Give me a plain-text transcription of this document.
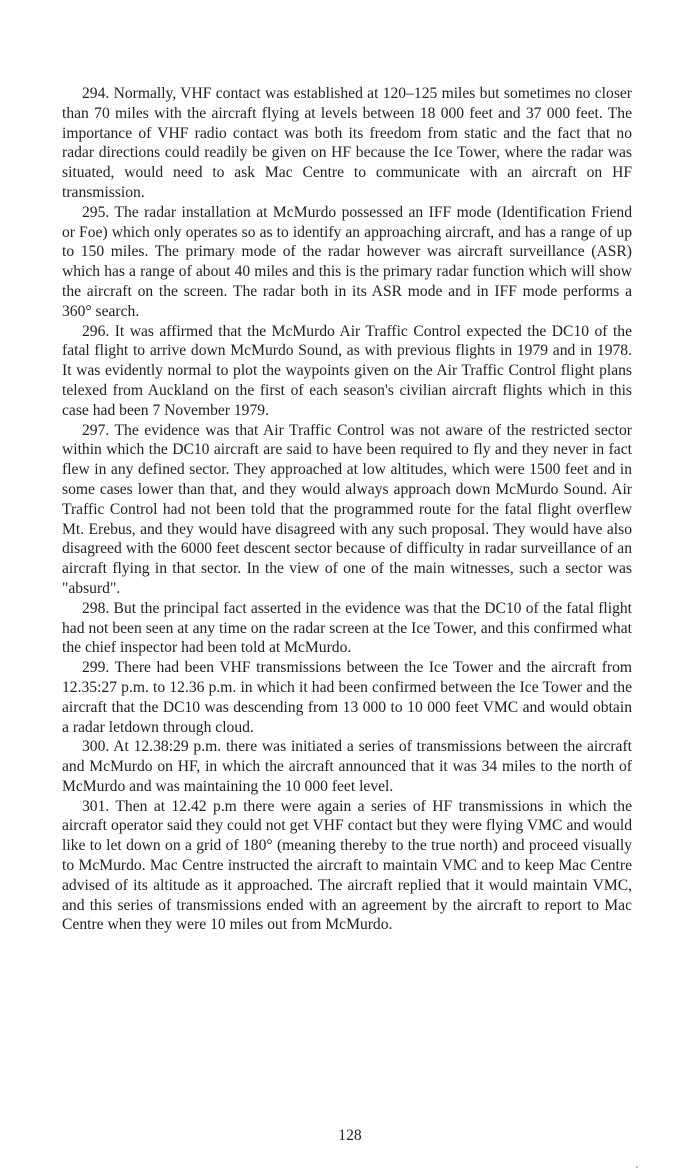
294. Normally, VHF contact was established at 120–125 miles but sometimes no closer than 70 miles with the aircraft flying at levels between 18 000 feet and 37 000 feet. The importance of VHF radio contact was both its freedom from static and the fact that no radar directions could readily be given on HF because the Ice Tower, where the radar was situated, would need to ask Mac Centre to communicate with an aircraft on HF transmission.

295. The radar installation at McMurdo possessed an IFF mode (Identification Friend or Foe) which only operates so as to identify an approaching aircraft, and has a range of up to 150 miles. The primary mode of the radar however was aircraft surveillance (ASR) which has a range of about 40 miles and this is the primary radar function which will show the aircraft on the screen. The radar both in its ASR mode and in IFF mode performs a 360° search.

296. It was affirmed that the McMurdo Air Traffic Control expected the DC10 of the fatal flight to arrive down McMurdo Sound, as with previous flights in 1979 and in 1978. It was evidently normal to plot the waypoints given on the Air Traffic Control flight plans telexed from Auckland on the first of each season's civilian aircraft flights which in this case had been 7 November 1979.

297. The evidence was that Air Traffic Control was not aware of the restricted sector within which the DC10 aircraft are said to have been required to fly and they never in fact flew in any defined sector. They approached at low altitudes, which were 1500 feet and in some cases lower than that, and they would always approach down McMurdo Sound. Air Traffic Control had not been told that the programmed route for the fatal flight overflew Mt. Erebus, and they would have disagreed with any such proposal. They would have also disagreed with the 6000 feet descent sector because of difficulty in radar surveillance of an aircraft flying in that sector. In the view of one of the main witnesses, such a sector was "absurd".

298. But the principal fact asserted in the evidence was that the DC10 of the fatal flight had not been seen at any time on the radar screen at the Ice Tower, and this confirmed what the chief inspector had been told at McMurdo.

299. There had been VHF transmissions between the Ice Tower and the aircraft from 12.35:27 p.m. to 12.36 p.m. in which it had been confirmed between the Ice Tower and the aircraft that the DC10 was descending from 13 000 to 10 000 feet VMC and would obtain a radar letdown through cloud.

300. At 12.38:29 p.m. there was initiated a series of transmissions between the aircraft and McMurdo on HF, in which the aircraft announced that it was 34 miles to the north of McMurdo and was maintaining the 10 000 feet level.

301. Then at 12.42 p.m there were again a series of HF transmissions in which the aircraft operator said they could not get VHF contact but they were flying VMC and would like to let down on a grid of 180° (meaning thereby to the true north) and proceed visually to McMurdo. Mac Centre instructed the aircraft to maintain VMC and to keep Mac Centre advised of its altitude as it approached. The aircraft replied that it would maintain VMC, and this series of transmissions ended with an agreement by the aircraft to report to Mac Centre when they were 10 miles out from McMurdo.

128
